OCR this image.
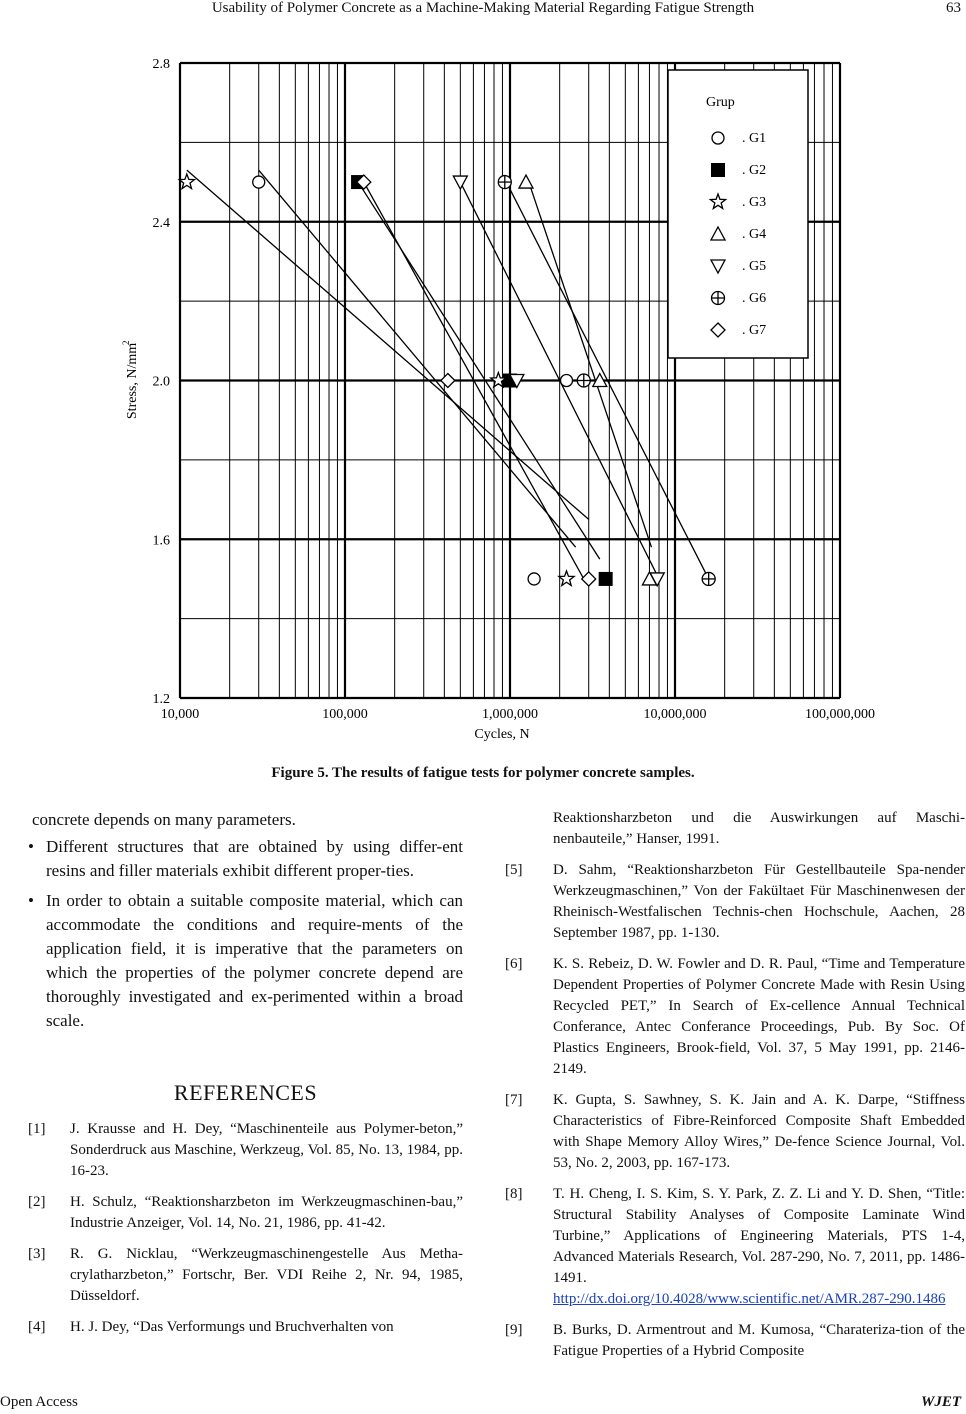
Usability of Polymer Concrete as a Machine-Making Material Regarding Fatigue Strength	63
10,000	100,000	1,000,000	10,000,000	100,000,000
1.2
1.6
2.0
2.4
2.8
Cycles, N
Stress, N/mm
2
Grup
. G1
. G2
. G3
. G4
. G5
. G6
. G7
Figure 5. The results of fatigue tests for polymer concrete samples.

concrete depends on many parameters.

• Different structures that are obtained by using differ-ent resins and filler materials exhibit different proper-ties.
• In order to obtain a suitable composite material, which can accommodate the conditions and require-ments of the application field, it is imperative that the parameters on which the properties of the polymer concrete depend are thoroughly investigated and ex-perimented within a broad scale.
REFERENCES
[1] J. Krausse and H. Dey, “Maschinenteile aus Polymer-beton,” Sonderdruck aus Maschine, Werkzeug, Vol. 85, No. 13, 1984, pp. 16-23.
[2] H. Schulz, “Reaktionsharzbeton im Werkzeugmaschinen-bau,” Industrie Anzeiger, Vol. 14, No. 21, 1986, pp. 41-42.
[3] R. G. Nicklau, “Werkzeugmaschinengestelle Aus Metha-crylatharzbeton,” Fortschr, Ber. VDI Reihe 2, Nr. 94, 1985, Düsseldorf.
[4] H. J. Dey, “Das Verformungs und Bruchverhalten von
Reaktionsharzbeton und die Auswirkungen auf Maschi-nenbauteile,” Hanser, 1991.
[5] D. Sahm, “Reaktionsharzbeton Für Gestellbauteile Spa-nender Werkzeugmaschinen,” Von der Fakültaet Für Maschinenwesen der Rheinisch-Westfalischen Technis-chen Hochschule, Aachen, 28 September 1987, pp. 1-130.
[6] K. S. Rebeiz, D. W. Fowler and D. R. Paul, “Time and Temperature Dependent Properties of Polymer Concrete Made with Resin Using Recycled PET,” In Search of Ex-cellence Annual Technical Conferance, Antec Conferance Proceedings, Pub. By Soc. Of Plastics Engineers, Brook-field, Vol. 37, 5 May 1991, pp. 2146-2149.
[7] K. Gupta, S. Sawhney, S. K. Jain and A. K. Darpe, “Stiffness Characteristics of Fibre-Reinforced Composite Shaft Embedded with Shape Memory Alloy Wires,” De-fence Science Journal, Vol. 53, No. 2, 2003, pp. 167-173.
[8] T. H. Cheng, I. S. Kim, S. Y. Park, Z. Z. Li and Y. D. Shen, “Title: Structural Stability Analyses of Composite Laminate Wind Turbine,” Applications of Engineering Materials, PTS 1-4, Advanced Materials Research, Vol. 287-290, No. 7, 2011, pp. 1486-1491.
http://dx.doi.org/10.4028/www.scientific.net/AMR.287-290.1486
[9] B. Burks, D. Armentrout and M. Kumosa, “Charateriza-tion of the Fatigue Properties of a Hybrid Composite
Open Access	WJET
